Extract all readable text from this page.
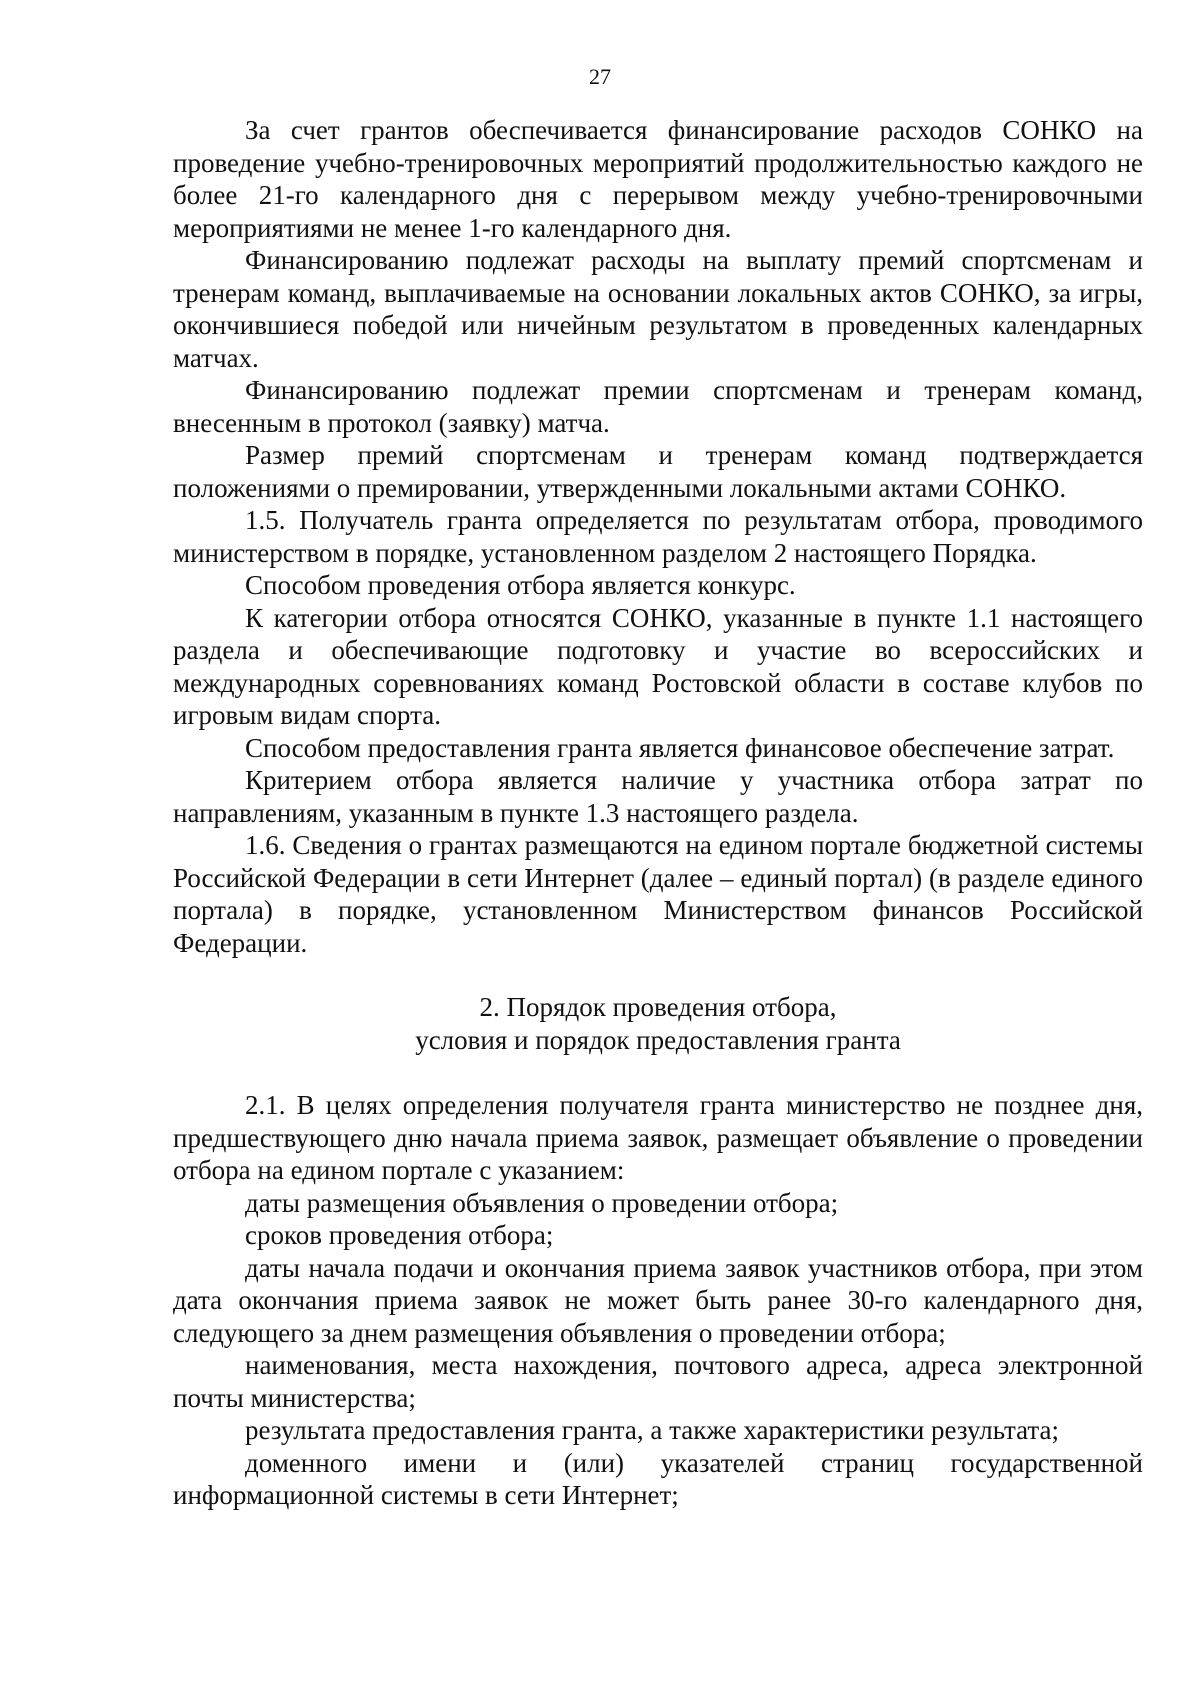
27

За счет грантов обеспечивается финансирование расходов СОНКО на проведение учебно-тренировочных мероприятий продолжительностью каждого не более 21-го календарного дня с перерывом между учебно-тренировочными мероприятиями не менее 1-го календарного дня.

Финансированию подлежат расходы на выплату премий спортсменам и тренерам команд, выплачиваемые на основании локальных актов СОНКО, за игры, окончившиеся победой или ничейным результатом в проведенных календарных матчах.

Финансированию подлежат премии спортсменам и тренерам команд, внесенным в протокол (заявку) матча.

Размер премий спортсменам и тренерам команд подтверждается положениями о премировании, утвержденными локальными актами СОНКО.

1.5. Получатель гранта определяется по результатам отбора, проводимого министерством в порядке, установленном разделом 2 настоящего Порядка.

Способом проведения отбора является конкурс.

К категории отбора относятся СОНКО, указанные в пункте 1.1 настоящего раздела и обеспечивающие подготовку и участие во всероссийских и международных соревнованиях команд Ростовской области в составе клубов по игровым видам спорта.

Способом предоставления гранта является финансовое обеспечение затрат.

Критерием отбора является наличие у участника отбора затрат по направлениям, указанным в пункте 1.3 настоящего раздела.

1.6. Сведения о грантах размещаются на едином портале бюджетной системы Российской Федерации в сети Интернет (далее – единый портал) (в разделе единого портала) в порядке, установленном Министерством финансов Российской Федерации.

2. Порядок проведения отбора,
условия и порядок предоставления гранта

2.1. В целях определения получателя гранта министерство не позднее дня, предшествующего дню начала приема заявок, размещает объявление о проведении отбора на едином портале с указанием:

даты размещения объявления о проведении отбора;

сроков проведения отбора;

даты начала подачи и окончания приема заявок участников отбора, при этом дата окончания приема заявок не может быть ранее 30-го календарного дня, следующего за днем размещения объявления о проведении отбора;

наименования, места нахождения, почтового адреса, адреса электронной почты министерства;

результата предоставления гранта, а также характеристики результата;

доменного имени и (или) указателей страниц государственной информационной системы в сети Интернет;
